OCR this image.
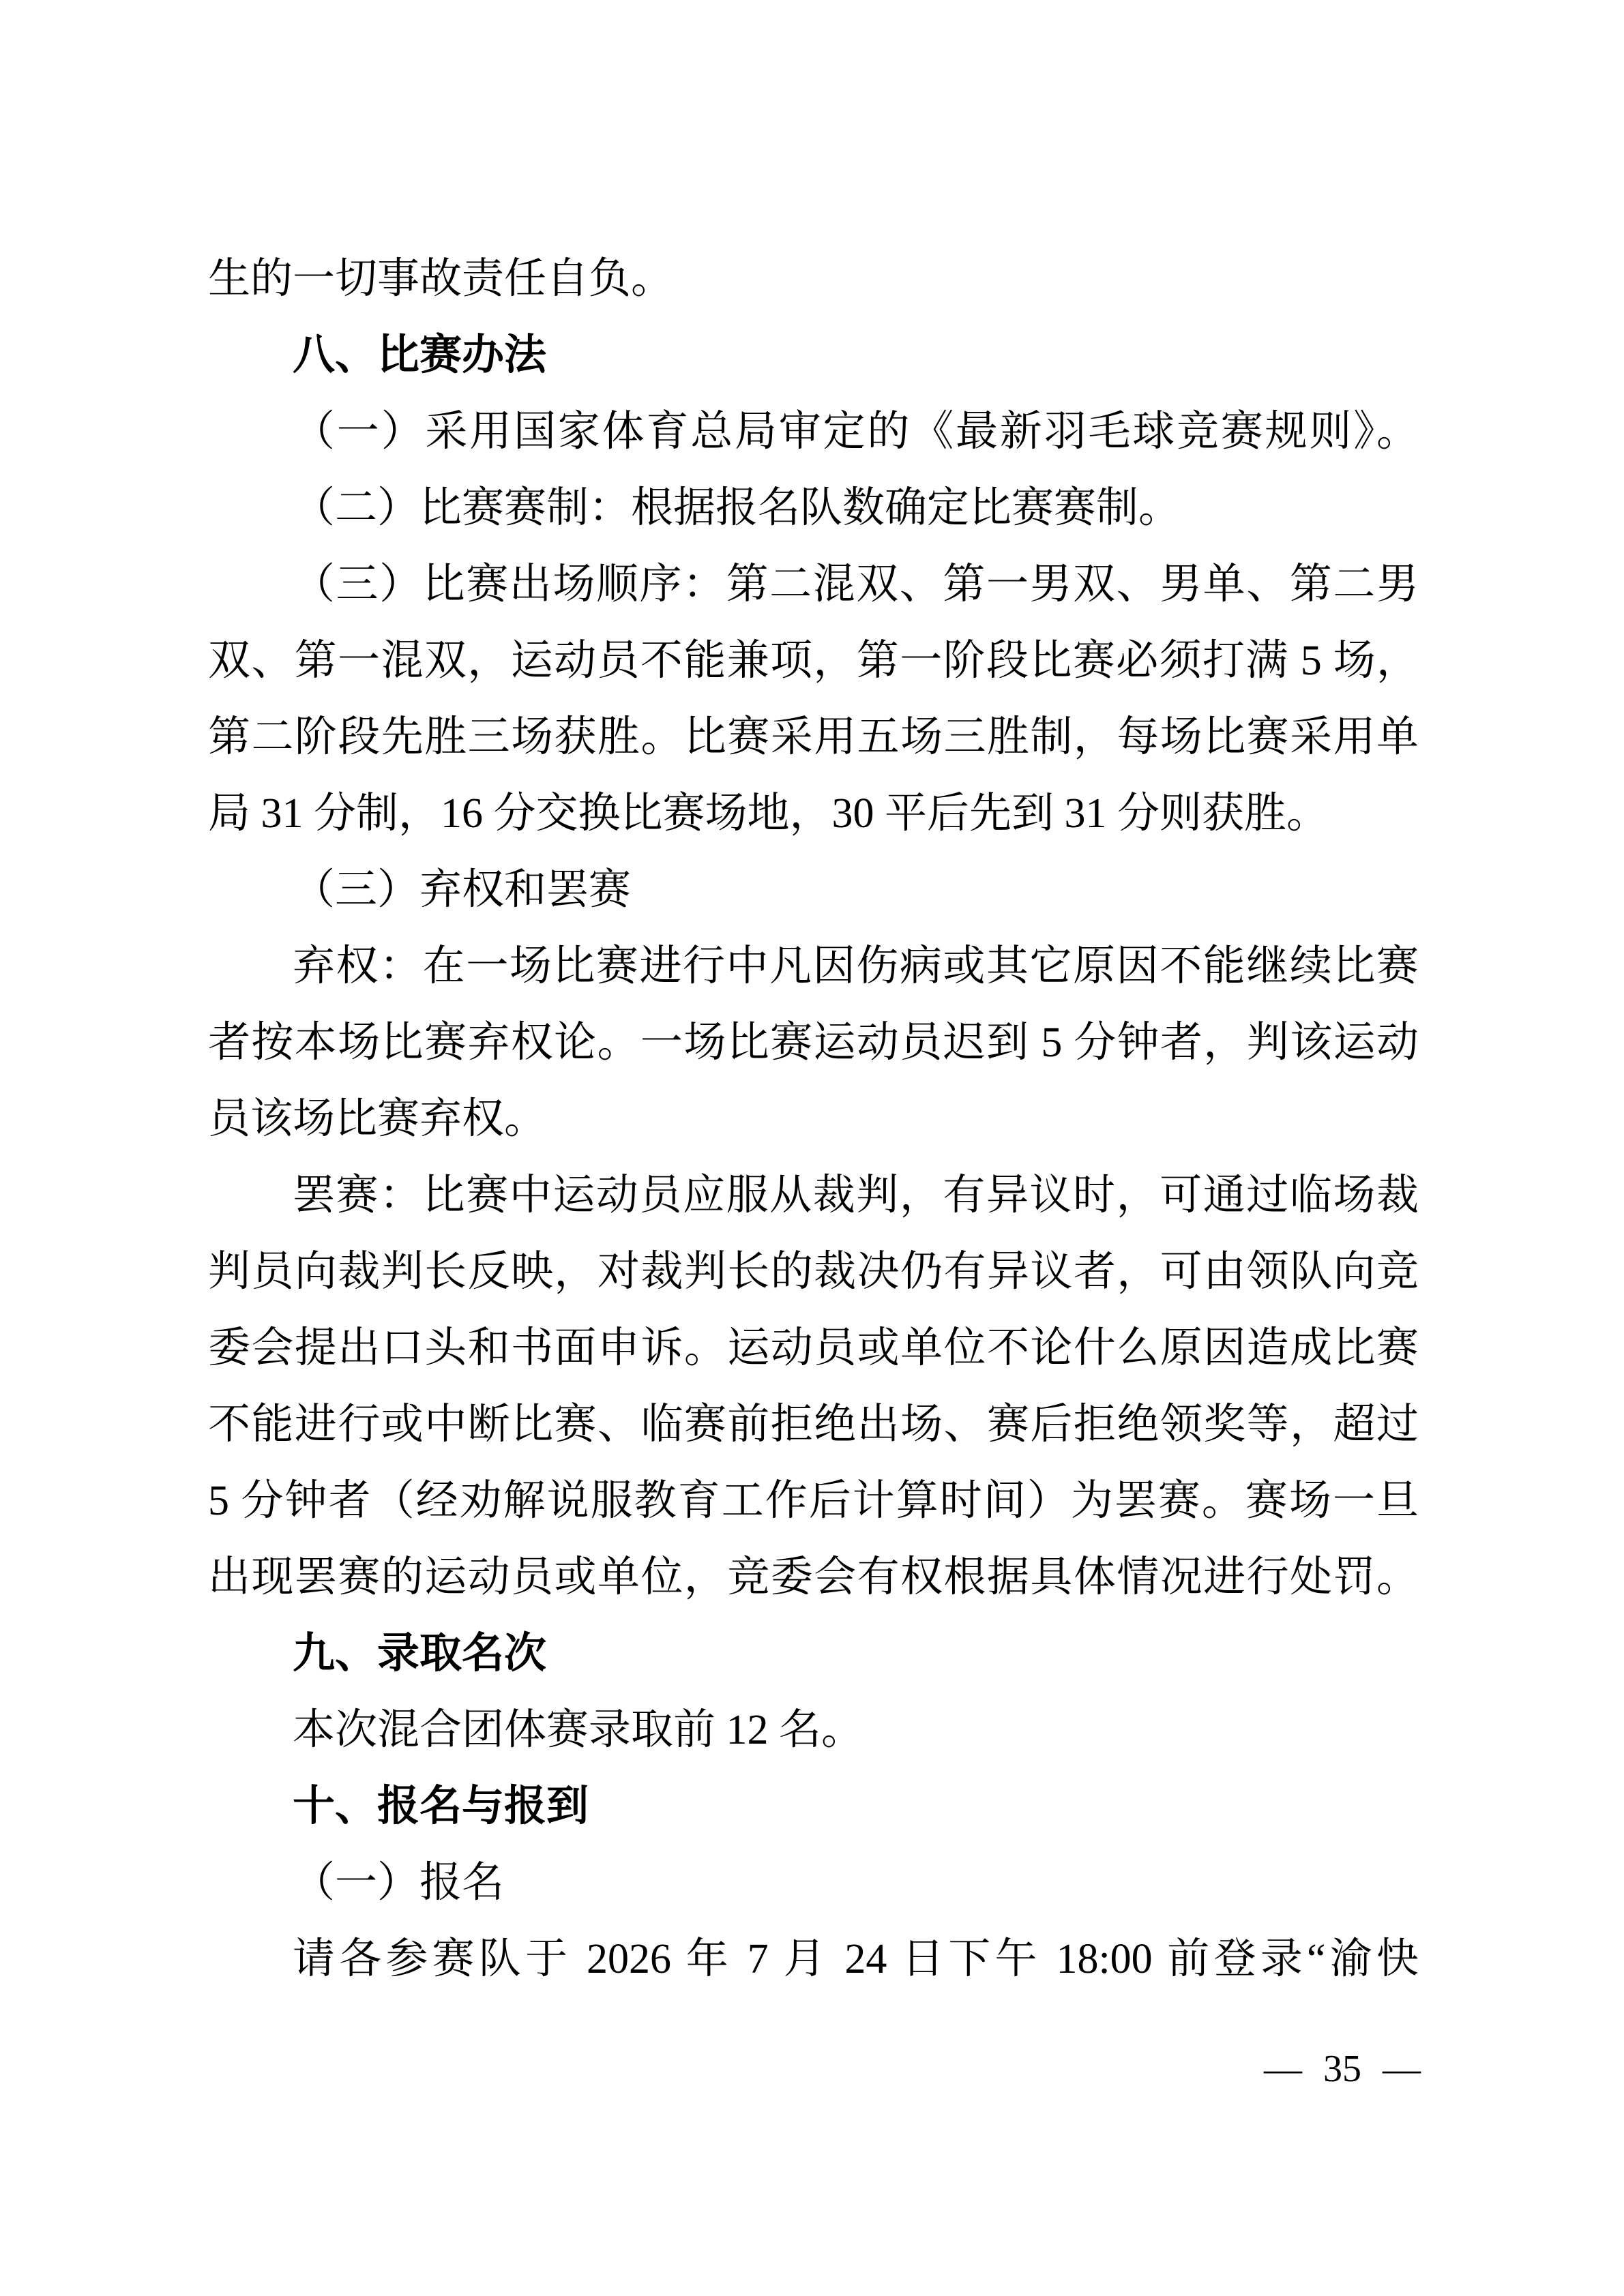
生的一切事故责任自负。
八、比赛办法
（一）采用国家体育总局审定的《最新羽毛球竞赛规则》。
（二）比赛赛制：根据报名队数确定比赛赛制。
（三）比赛出场顺序：第二混双、第一男双、男单、第二男
双、第一混双，运动员不能兼项，第一阶段比赛必须打满 5 场，
第二阶段先胜三场获胜。比赛采用五场三胜制，每场比赛采用单
局 31 分制，16 分交换比赛场地，30 平后先到 31 分则获胜。
（三）弃权和罢赛
弃权：在一场比赛进行中凡因伤病或其它原因不能继续比赛
者按本场比赛弃权论。一场比赛运动员迟到 5 分钟者，判该运动
员该场比赛弃权。
罢赛：比赛中运动员应服从裁判，有异议时，可通过临场裁
判员向裁判长反映，对裁判长的裁决仍有异议者，可由领队向竞
委会提出口头和书面申诉。运动员或单位不论什么原因造成比赛
不能进行或中断比赛、临赛前拒绝出场、赛后拒绝领奖等，超过
5 分钟者（经劝解说服教育工作后计算时间）为罢赛。赛场一旦
出现罢赛的运动员或单位，竞委会有权根据具体情况进行处罚。
九、录取名次
本次混合团体赛录取前 12 名。
十、报名与报到
（一）报名
请各参赛队于 2026 年 7 月 24 日下午 18:00 前登录“渝快
— 35 —
